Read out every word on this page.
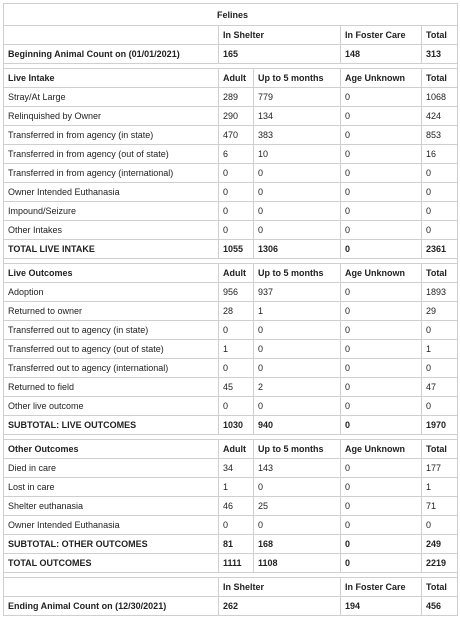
Felines				
	In Shelter		In Foster Care	Total
Beginning Animal Count on (01/01/2021)	165		148	313

Live Intake	Adult	Up to 5 months	Age Unknown	Total
Stray/At Large	289	779	0	1068
Relinquished by Owner	290	134	0	424
Transferred in from agency (in state)	470	383	0	853
Transferred in from agency (out of state)	6	10	0	16
Transferred in from agency (international)	0	0	0	0
Owner Intended Euthanasia	0	0	0	0
Impound/Seizure	0	0	0	0
Other Intakes	0	0	0	0
TOTAL LIVE INTAKE	1055	1306	0	2361

Live Outcomes	Adult	Up to 5 months	Age Unknown	Total
Adoption	956	937	0	1893
Returned to owner	28	1	0	29
Transferred out to agency (in state)	0	0	0	0
Transferred out to agency (out of state)	1	0	0	1
Transferred out to agency (international)	0	0	0	0
Returned to field	45	2	0	47
Other live outcome	0	0	0	0
SUBTOTAL: LIVE OUTCOMES	1030	940	0	1970

Other Outcomes	Adult	Up to 5 months	Age Unknown	Total
Died in care	34	143	0	177
Lost in care	1	0	0	1
Shelter euthanasia	46	25	0	71
Owner Intended Euthanasia	0	0	0	0
SUBTOTAL: OTHER OUTCOMES	81	168	0	249
TOTAL OUTCOMES	1111	1108	0	2219

	In Shelter		In Foster Care	Total
Ending Animal Count on (12/30/2021)	262		194	456
